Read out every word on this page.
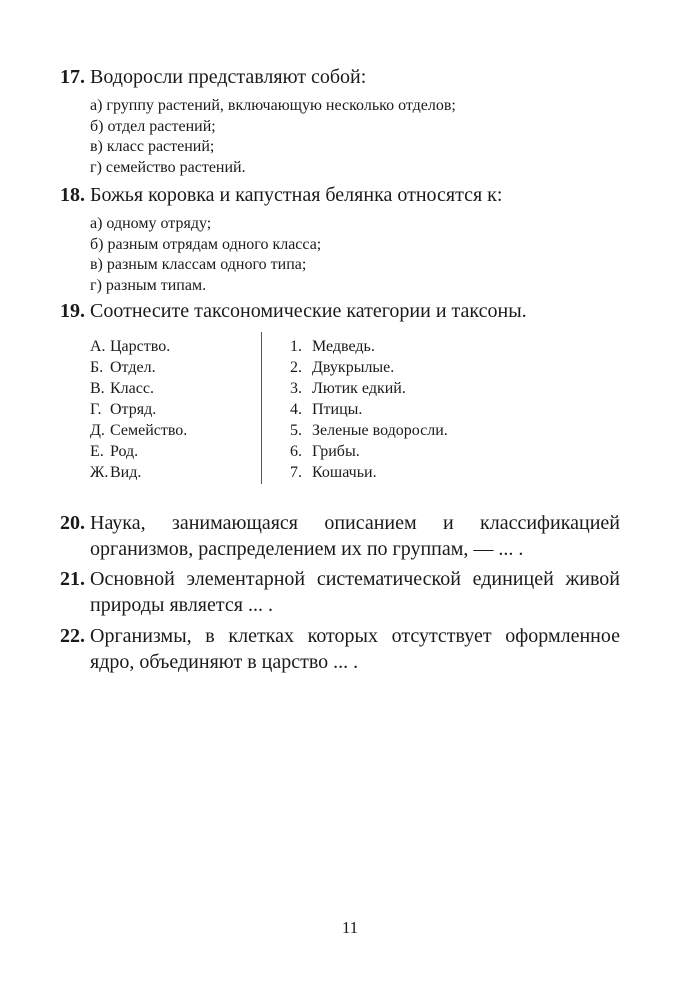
17. Водоросли представляют собой:
а) группу растений, включающую несколько отделов;
б) отдел растений;
в) класс растений;
г) семейство растений.
18. Божья коровка и капустная белянка относятся к:
а) одному отряду;
б) разным отрядам одного класса;
в) разным классам одного типа;
г) разным типам.
19. Соотнесите таксономические категории и таксоны.
А. Царство.
Б. Отдел.
В. Класс.
Г. Отряд.
Д. Семейство.
Е. Род.
Ж. Вид.
1. Медведь.
2. Двукрылые.
3. Лютик едкий.
4. Птицы.
5. Зеленые водоросли.
6. Грибы.
7. Кошачьи.
20. Наука, занимающаяся описанием и классификацией организмов, распределением их по группам, — ... .
21. Основной элементарной систематической единицей живой природы является ... .
22. Организмы, в клетках которых отсутствует оформленное ядро, объединяют в царство ... .
11
